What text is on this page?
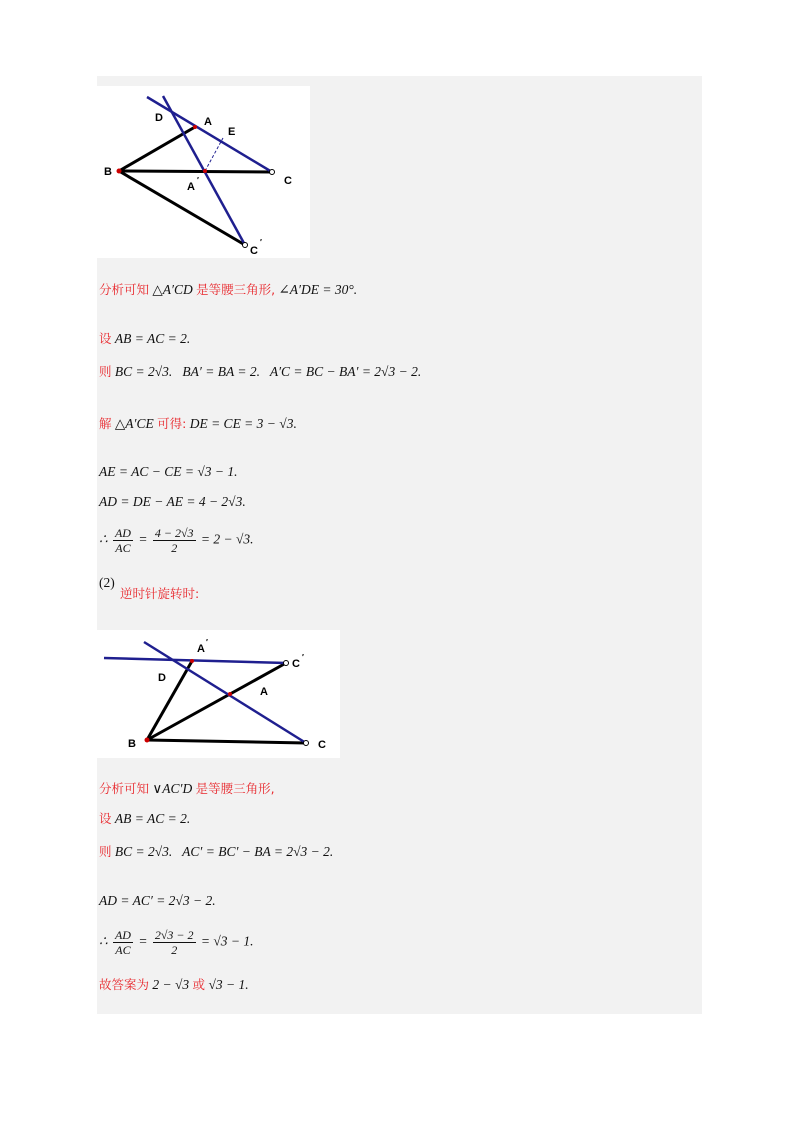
D	A
E
B
A
′	C
C
′
分析可知 △A′CD 是等腰三角形, ∠A′DE = 30°.
设 AB = AC = 2.
则 BC = 2√3.   BA′ = BA = 2.   A′C = BC − BA′ = 2√3 − 2.
解 △A′CE 可得: DE = CE = 3 − √3.
AE = AC − CE = √3 − 1.
AD = DE − AE = 4 − 2√3.
∴ $\frac{AD}{AC} = \frac{4 - 2√3}{2} = 2 - √3$.
(2)
逆时针旋转时:
A
′
C
′
D
A
B	C
分析可知 ∨AC′D 是等腰三角形,
设 AB = AC = 2.
则 BC = 2√3.   AC′ = BC′ − BA = 2√3 − 2.
AD = AC′ = 2√3 − 2.
∴ $\frac{AD}{AC} = \frac{2√3 - 2}{2} = √3 - 1$.
故答案为 2 − √3 或 √3 − 1.
